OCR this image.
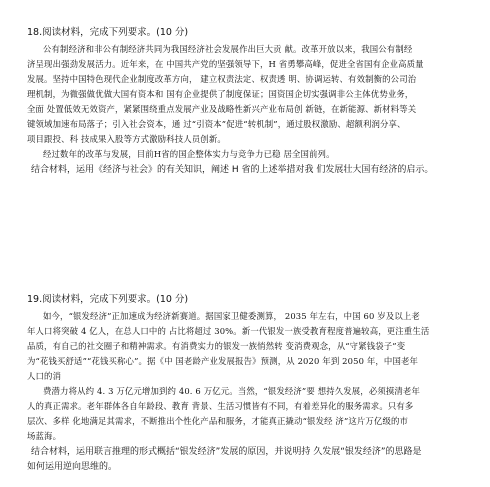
18.阅读材料，完成下列要求。(10 分)
公有制经济和非公有制经济共同为我国经济社会发展作出巨大贡 献。改革开放以来，我国公有制经
济呈现出强劲发展活力。近年来，在 中国共产党的坚强领导下，H 省勇攀高峰，促进全省国有企业高质量
发展。坚持中国特色现代企业制度改革方向， 建立权责法定、权责透 明、协调运转、有效制衡的公司治
理机制，为微强做优做大国有资本和 国有企业提供了制度保证；国资国企切实强调非公主体优势业务，
全面 处置低效无效资产，紧紧围绕重点发展产业及战略性新兴产业布局创 新链，在新能源、新材料等关
键领域加速布局落子；引入社会资本，通 过“引资本”促进“转机制”，通过股权激励、超额利润分享、
项目跟投、科 技成果入股等方式激励科技人员创新。
经过数年的改革与发展，目前H省的国企整体实力与竞争力已稳 居全国前列。
结合材料，运用《经济与社会》的有关知识，阐述 H 省的上述举措对我 们发展壮大国有经济的启示。
19.阅读材料，完成下列要求。(10 分)
如今，“银发经济”正加速成为经济新赛道。据国家卫健委测算， 2035 年左右，中国 60 岁及以上老
年人口将突破 4 亿人，在总人口中的 占比将超过 30%。新一代银发一族受教育程度普遍较高，更注重生活
品质，有自己的社交圈子和精神需求。有消费实力的银发一族悄然转 变消费观念，从“守紧钱袋子”变
为“花钱买舒适”“花钱买称心”。据《中 国老龄产业发展报告》预测，从 2020 年到 2050 年，中国老年
人口的消
费潜力将从约 4. 3 万亿元增加到约 40. 6 万亿元。当然，“银发经济”要 想持久发展，必须摸清老年
人的真正需求。老年群体各自年龄段、教育 背景、生活习惯皆有不同，有着差异化的服务需求。只有多
层次、多样 化地满足其需求，不断推出个性化产品和服务，才能真正撬动“银发经 济”这片万亿级的市
场蓝海。
结合材料，运用联言推理的形式概括“银发经济”发展的原因，并说明持 久发展“银发经济”的思路是
如何运用逆向思维的。
